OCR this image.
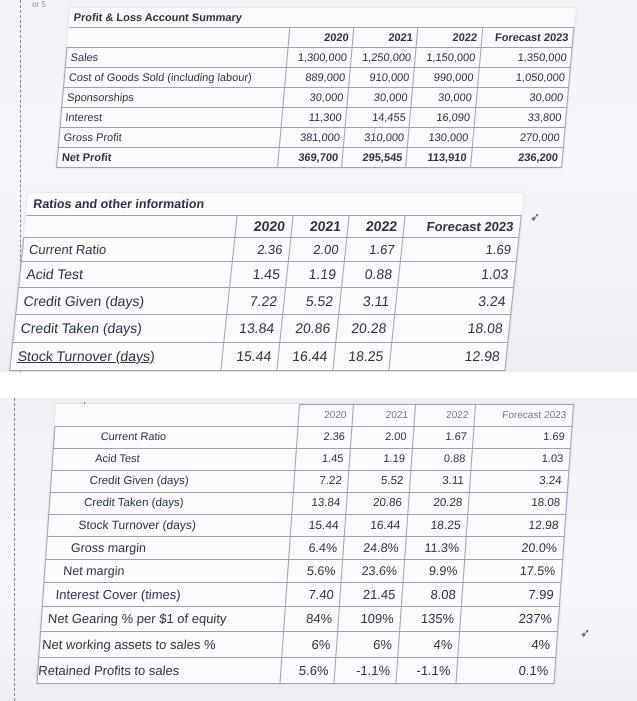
or 5
Profit & Loss Account Summary				
	2020	2021	2022	Forecast 2023
Sales	1,300,000	1,250,000	1,150,000	1,350,000
Cost of Goods Sold (including labour)	889,000	910,000	990,000	1,050,000
Sponsorships	30,000	30,000	30,000	30,000
Interest	11,300	14,455	16,090	33,800
Gross Profit	381,000	310,000	130,000	270,000
Net Profit	369,700	295,545	113,910	236,200
Ratios and other information				
	2020	2021	2022	Forecast 2023
Current Ratio	2.36	2.00	1.67	1.69
Acid Test	1.45	1.19	0.88	1.03
Credit Given (days)	7.22	5.52	3.11	3.24
Credit Taken (days)	13.84	20.86	20.28	18.08
Stock Turnover (days)	15.44	16.44	18.25	12.98
➶
	2020	2021	2022	Forecast 2023
Current Ratio	2.36	2.00	1.67	1.69
Acid Test	1.45	1.19	0.88	1.03
Credit Given (days)	7.22	5.52	3.11	3.24
Credit Taken (days)	13.84	20.86	20.28	18.08
Stock Turnover (days)	15.44	16.44	18.25	12.98
Gross margin	6.4%	24.8%	11.3%	20.0%
Net margin	5.6%	23.6%	9.9%	17.5%
Interest Cover (times)	7.40	21.45	8.08	7.99
Net Gearing % per $1 of equity	84%	109%	135%	237%
Net working assets to sales %	6%	6%	4%	4%
Retained Profits to sales	5.6%	-1.1%	-1.1%	0.1%
➶
